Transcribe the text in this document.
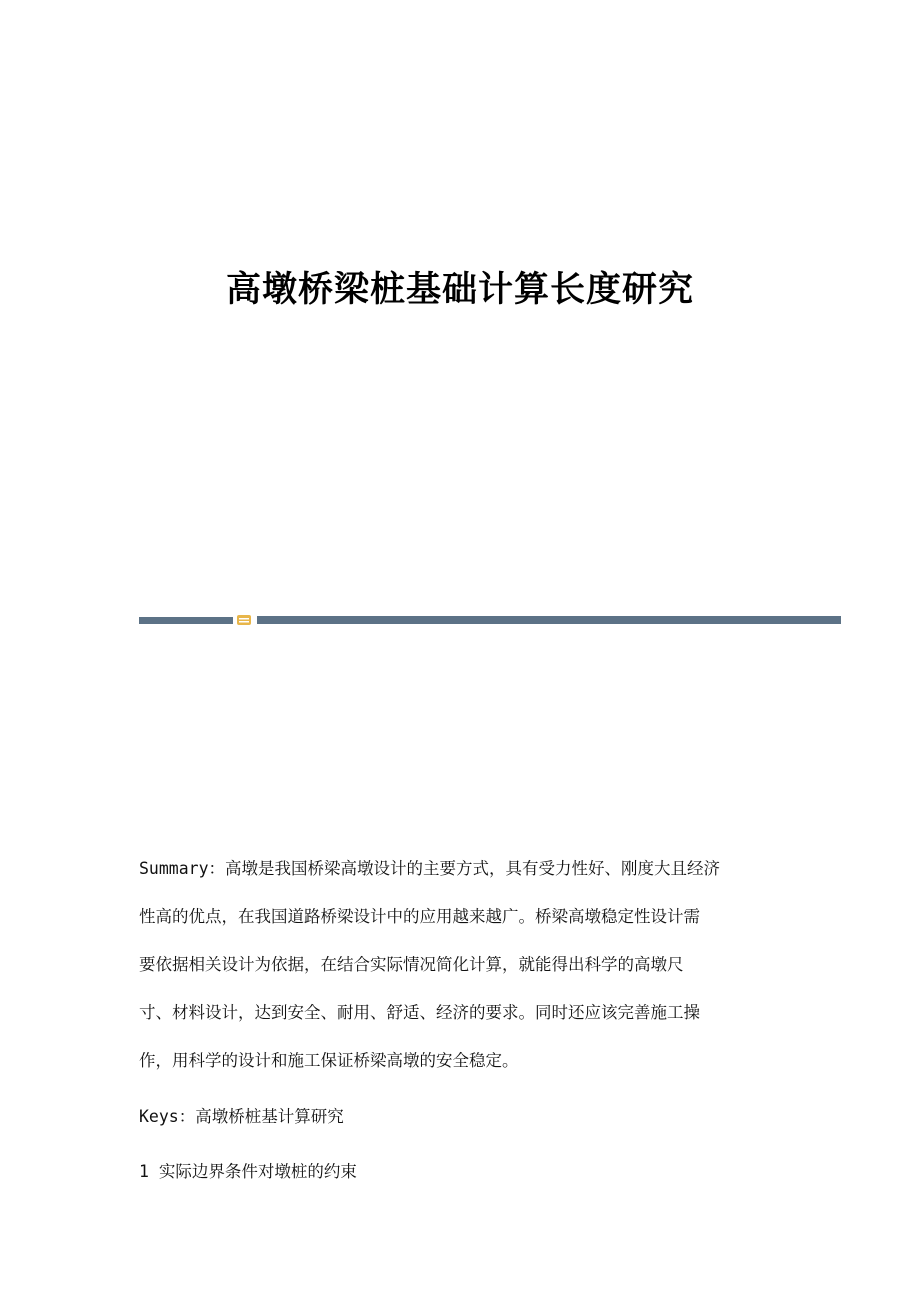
高墩桥梁桩基础计算长度研究
Summary：高墩是我国桥梁高墩设计的主要方式，具有受力性好、刚度大且经济
性高的优点，在我国道路桥梁设计中的应用越来越广。桥梁高墩稳定性设计需
要依据相关设计为依据，在结合实际情况简化计算，就能得出科学的高墩尺
寸、材料设计，达到安全、耐用、舒适、经济的要求。同时还应该完善施工操
作，用科学的设计和施工保证桥梁高墩的安全稳定。
Keys：高墩桥桩基计算研究
1 实际边界条件对墩桩的约束
